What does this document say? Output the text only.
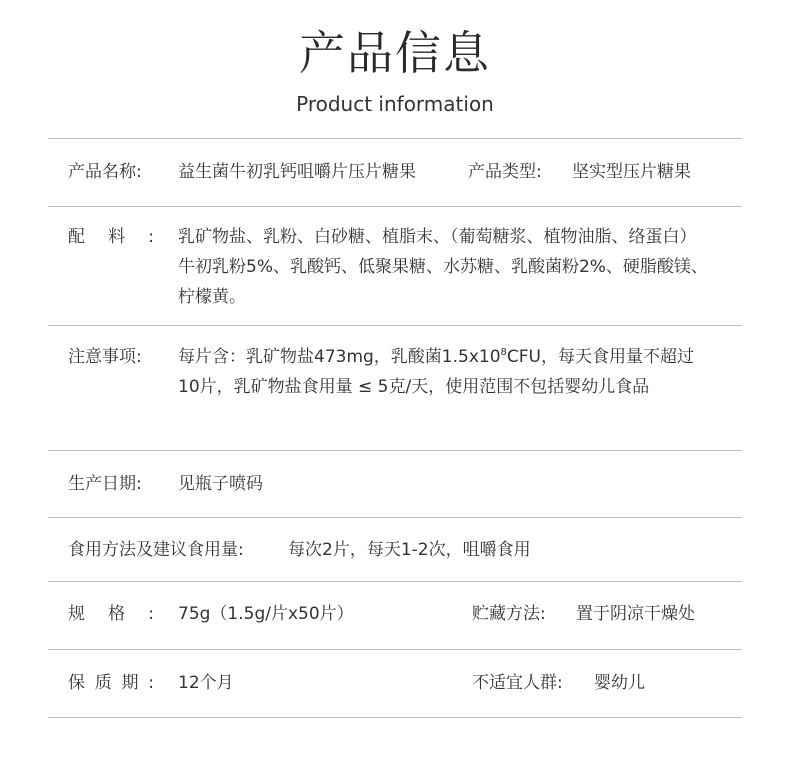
产品信息
Product information
产品名称: 益生菌牛初乳钙咀嚼片压片糖果	产品类型: 坚实型压片糖果
配料: 乳矿物盐、乳粉、白砂糖、植脂末、（葡萄糖浆、植物油脂、络蛋白）牛初乳粉5%、乳酸钙、低聚果糖、水苏糖、乳酸菌粉2%、硬脂酸镁、柠檬黄。
注意事项: 每片含：乳矿物盐473mg，乳酸菌$1.5x10^8CFU$，每天食用量不超过10片，乳矿物盐食用量 ≤ 5克/天，使用范围不包括婴幼儿食品
生产日期: 见瓶子喷码
食用方法及建议食用量:	每次2片，每天1-2次，咀嚼食用
规格: 75g（1.5g/片x50片）	贮藏方法: 置于阴凉干燥处
保质期: 12个月	不适宜人群: 婴幼儿
